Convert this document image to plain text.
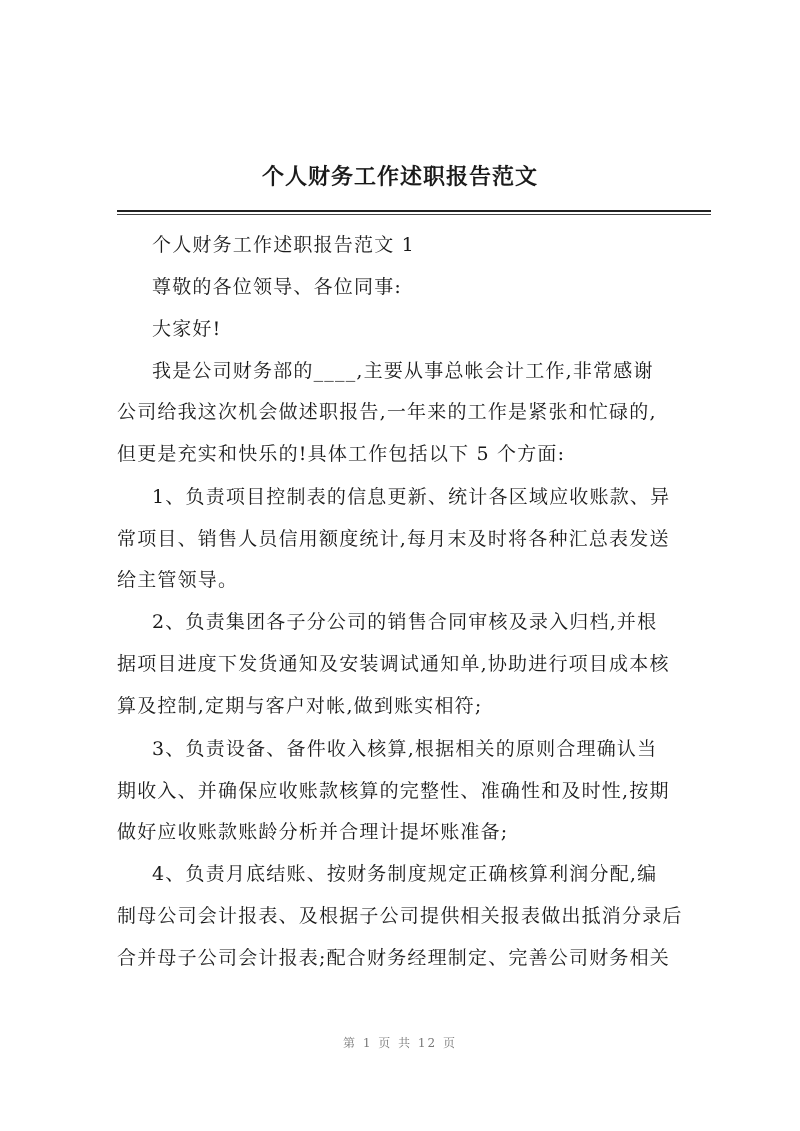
个人财务工作述职报告范文
个人财务工作述职报告范文 1
尊敬的各位领导、各位同事:
大家好!
我是公司财务部的____,主要从事总帐会计工作,非常感谢
公司给我这次机会做述职报告,一年来的工作是紧张和忙碌的,
但更是充实和快乐的!具体工作包括以下 5 个方面:
1、负责项目控制表的信息更新、统计各区域应收账款、异
常项目、销售人员信用额度统计,每月末及时将各种汇总表发送
给主管领导。
2、负责集团各子分公司的销售合同审核及录入归档,并根
据项目进度下发货通知及安装调试通知单,协助进行项目成本核
算及控制,定期与客户对帐,做到账实相符;
3、负责设备、备件收入核算,根据相关的原则合理确认当
期收入、并确保应收账款核算的完整性、准确性和及时性,按期
做好应收账款账龄分析并合理计提坏账准备;
4、负责月底结账、按财务制度规定正确核算利润分配,编
制母公司会计报表、及根据子公司提供相关报表做出抵消分录后
合并母子公司会计报表;配合财务经理制定、完善公司财务相关
第 1 页 共 12 页
